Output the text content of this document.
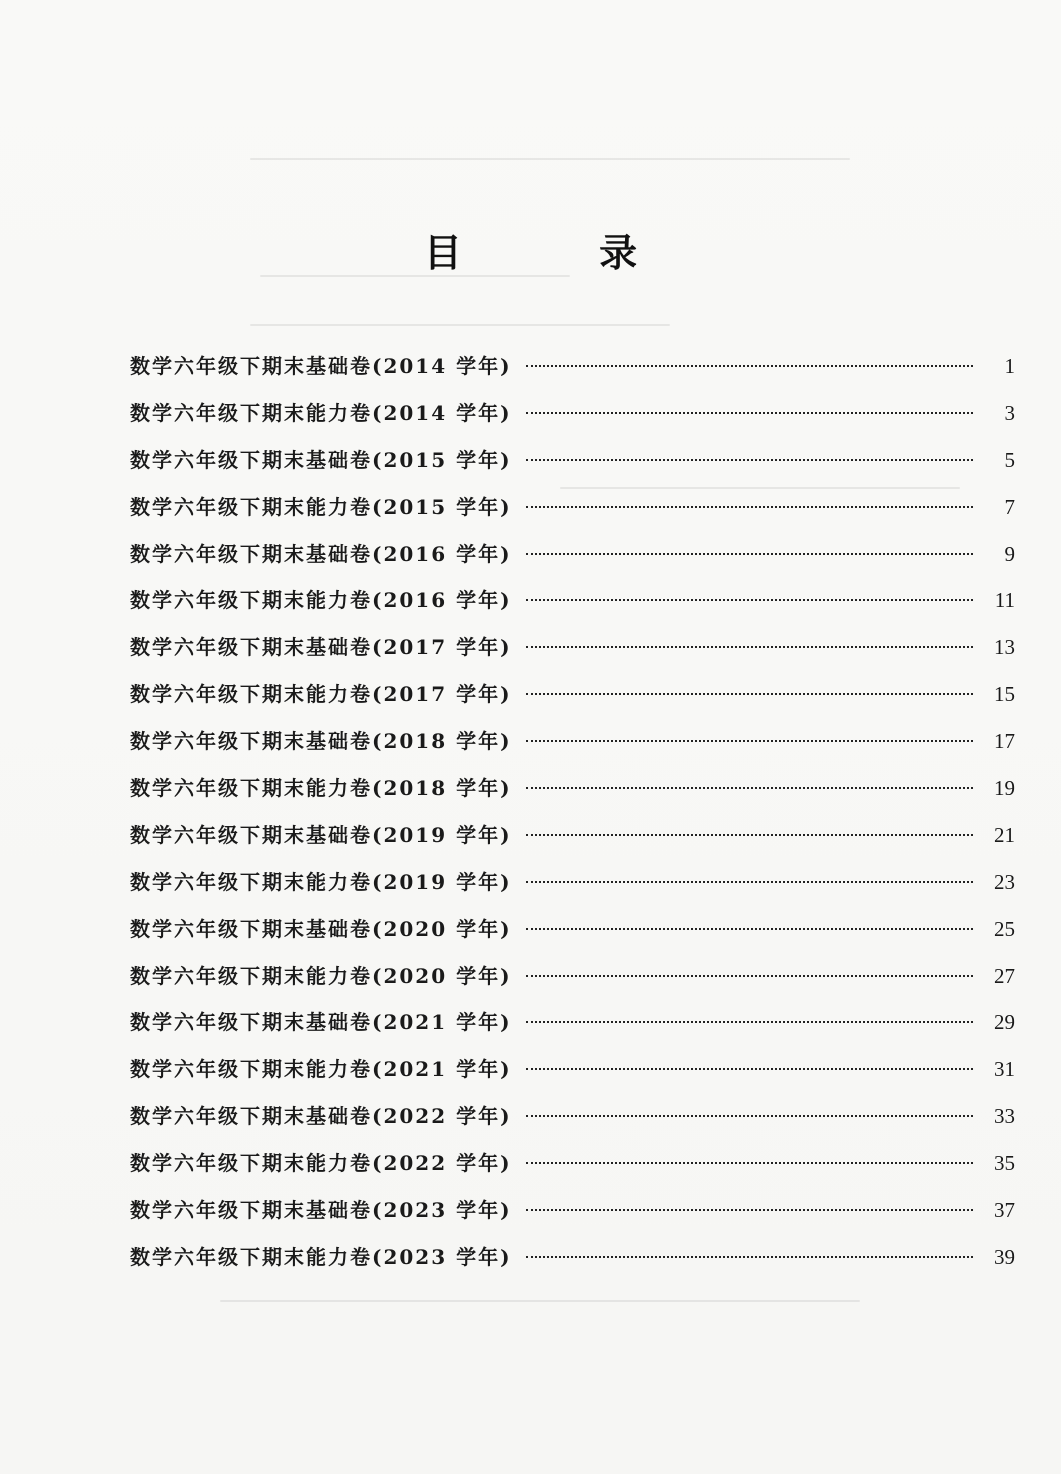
目 录
数学六年级下期末基础卷(2014 学年)	1
数学六年级下期末能力卷(2014 学年)	3
数学六年级下期末基础卷(2015 学年)	5
数学六年级下期末能力卷(2015 学年)	7
数学六年级下期末基础卷(2016 学年)	9
数学六年级下期末能力卷(2016 学年)	11
数学六年级下期末基础卷(2017 学年)	13
数学六年级下期末能力卷(2017 学年)	15
数学六年级下期末基础卷(2018 学年)	17
数学六年级下期末能力卷(2018 学年)	19
数学六年级下期末基础卷(2019 学年)	21
数学六年级下期末能力卷(2019 学年)	23
数学六年级下期末基础卷(2020 学年)	25
数学六年级下期末能力卷(2020 学年)	27
数学六年级下期末基础卷(2021 学年)	29
数学六年级下期末能力卷(2021 学年)	31
数学六年级下期末基础卷(2022 学年)	33
数学六年级下期末能力卷(2022 学年)	35
数学六年级下期末基础卷(2023 学年)	37
数学六年级下期末能力卷(2023 学年)	39
